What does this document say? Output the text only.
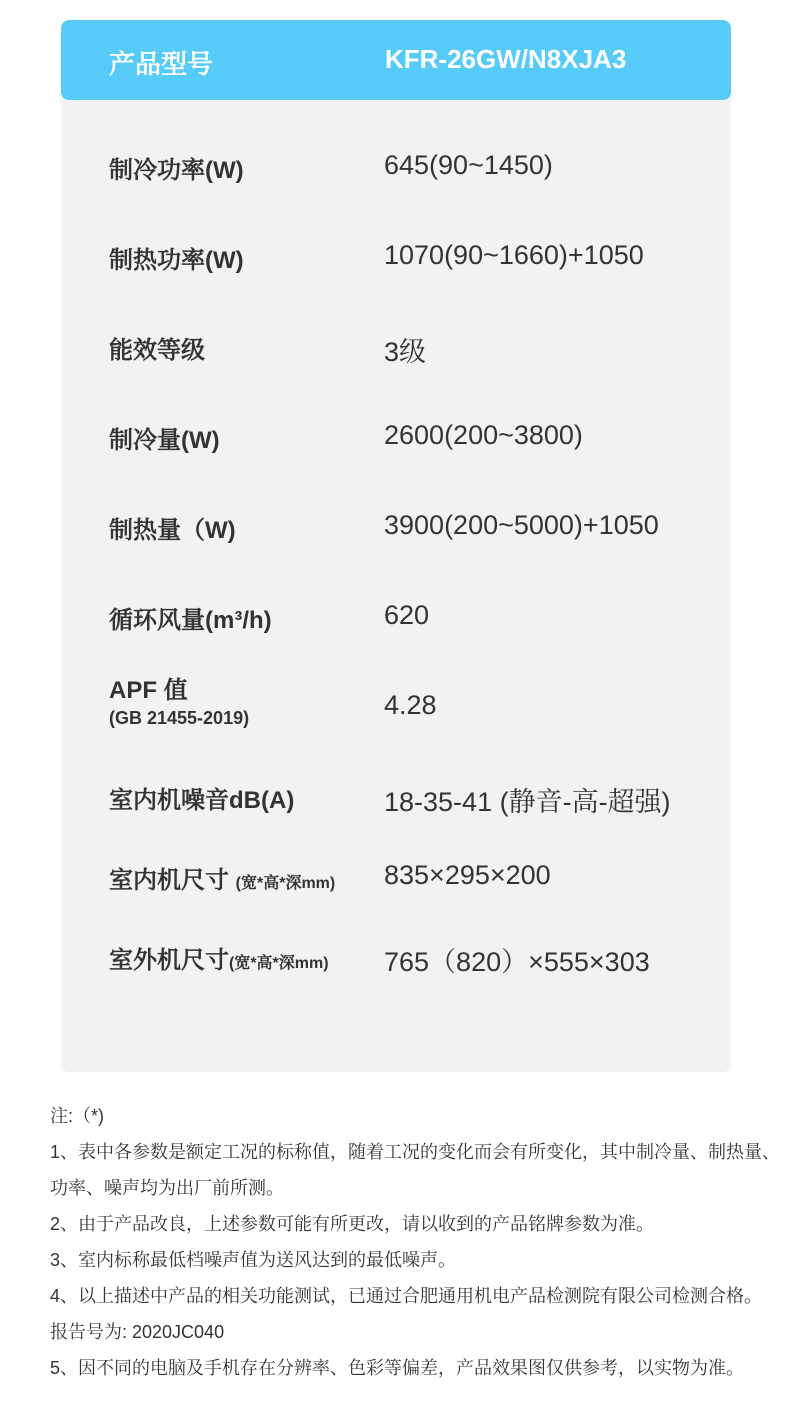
产品型号	KFR-26GW/N8XJA3
制冷功率(W)	645(90~1450)
制热功率(W)	1070(90~1660)+1050
能效等级	3级
制冷量(W)	2600(200~3800)
制热量（W)	3900(200~5000)+1050
循环风量(m³/h)	620
APF 值
(GB 21455-2019)	4.28
室内机噪音dB(A)	18-35-41 (静音-高-超强)
室内机尺寸 (宽*高*深mm) 835×295×200
室外机尺寸(宽*高*深mm) 765（820）×555×303

注:（*)

1、表中各参数是额定工况的标称值，随着工况的变化而会有所变化，其中制冷量、制热量、

功率、噪声均为出厂前所测。

2、由于产品改良，上述参数可能有所更改，请以收到的产品铭牌参数为准。

3、室内标称最低档噪声值为送风达到的最低噪声。

4、以上描述中产品的相关功能测试，已通过合肥通用机电产品检测院有限公司检测合格。

报告号为: 2020JC040

5、因不同的电脑及手机存在分辨率、色彩等偏差，产品效果图仅供参考，以实物为准。
